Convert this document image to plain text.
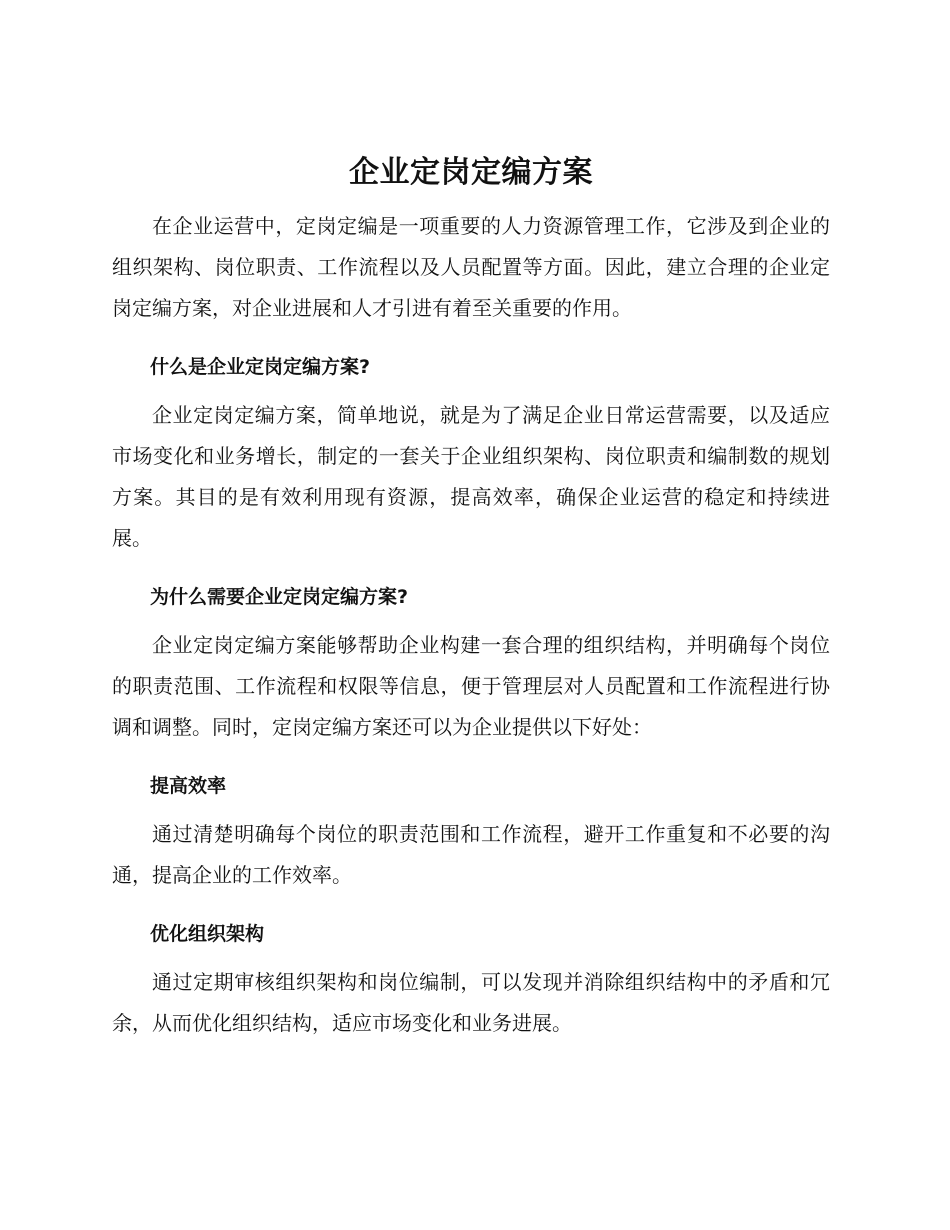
企业定岗定编方案

在企业运营中，定岗定编是一项重要的人力资源管理工作，它涉及到企业的组织架构、岗位职责、工作流程以及人员配置等方面。因此，建立合理的企业定岗定编方案，对企业进展和人才引进有着至关重要的作用。

什么是企业定岗定编方案?

企业定岗定编方案，简单地说，就是为了满足企业日常运营需要，以及适应市场变化和业务增长，制定的一套关于企业组织架构、岗位职责和编制数的规划方案。其目的是有效利用现有资源，提高效率，确保企业运营的稳定和持续进展。

为什么需要企业定岗定编方案?

企业定岗定编方案能够帮助企业构建一套合理的组织结构，并明确每个岗位的职责范围、工作流程和权限等信息，便于管理层对人员配置和工作流程进行协调和调整。同时，定岗定编方案还可以为企业提供以下好处：

提高效率

通过清楚明确每个岗位的职责范围和工作流程，避开工作重复和不必要的沟通，提高企业的工作效率。

优化组织架构

通过定期审核组织架构和岗位编制，可以发现并消除组织结构中的矛盾和冗余，从而优化组织结构，适应市场变化和业务进展。
